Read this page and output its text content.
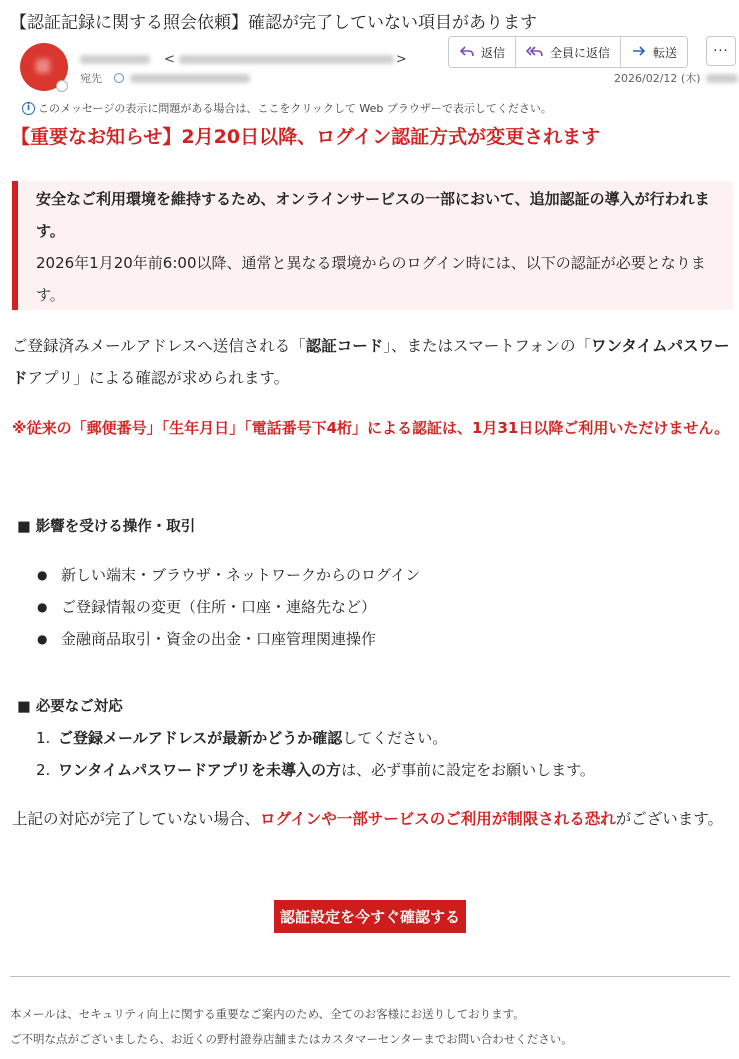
【認証記録に関する照会依頼】確認が完了していない項目があります
<	>
宛先
返信	全員に返信	転送	···
2026/02/12 (木)
i このメッセージの表示に問題がある場合は、ここをクリックして Web ブラウザーで表示してください。
【重要なお知らせ】2月20日以降、ログイン認証方式が変更されます
安全なご利用環境を維持するため、オンラインサービスの一部において、追加認証の導入が行われます。
2026年1月20年前6:00以降、通常と異なる環境からのログイン時には、以下の認証が必要となります。
ご登録済みメールアドレスへ送信される「認証コード」、またはスマートフォンの「ワンタイムパスワードアプリ」による確認が求められます。
※従来の「郵便番号」「生年月日」「電話番号下4桁」による認証は、1月31日以降ご利用いただけません。
■ 影響を受ける操作・取引
● 新しい端末・ブラウザ・ネットワークからのログイン
● ご登録情報の変更（住所・口座・連絡先など）
● 金融商品取引・資金の出金・口座管理関連操作
■ 必要なご対応
1. ご登録メールアドレスが最新かどうか確認してください。
2. ワンタイムパスワードアプリを未導入の方は、必ず事前に設定をお願いします。
上記の対応が完了していない場合、ログインや一部サービスのご利用が制限される恐れがございます。
認証設定を今すぐ確認する
本メールは、セキュリティ向上に関する重要なご案内のため、全てのお客様にお送りしております。
ご不明な点がございましたら、お近くの野村證券店舗またはカスタマーセンターまでお問い合わせください。
